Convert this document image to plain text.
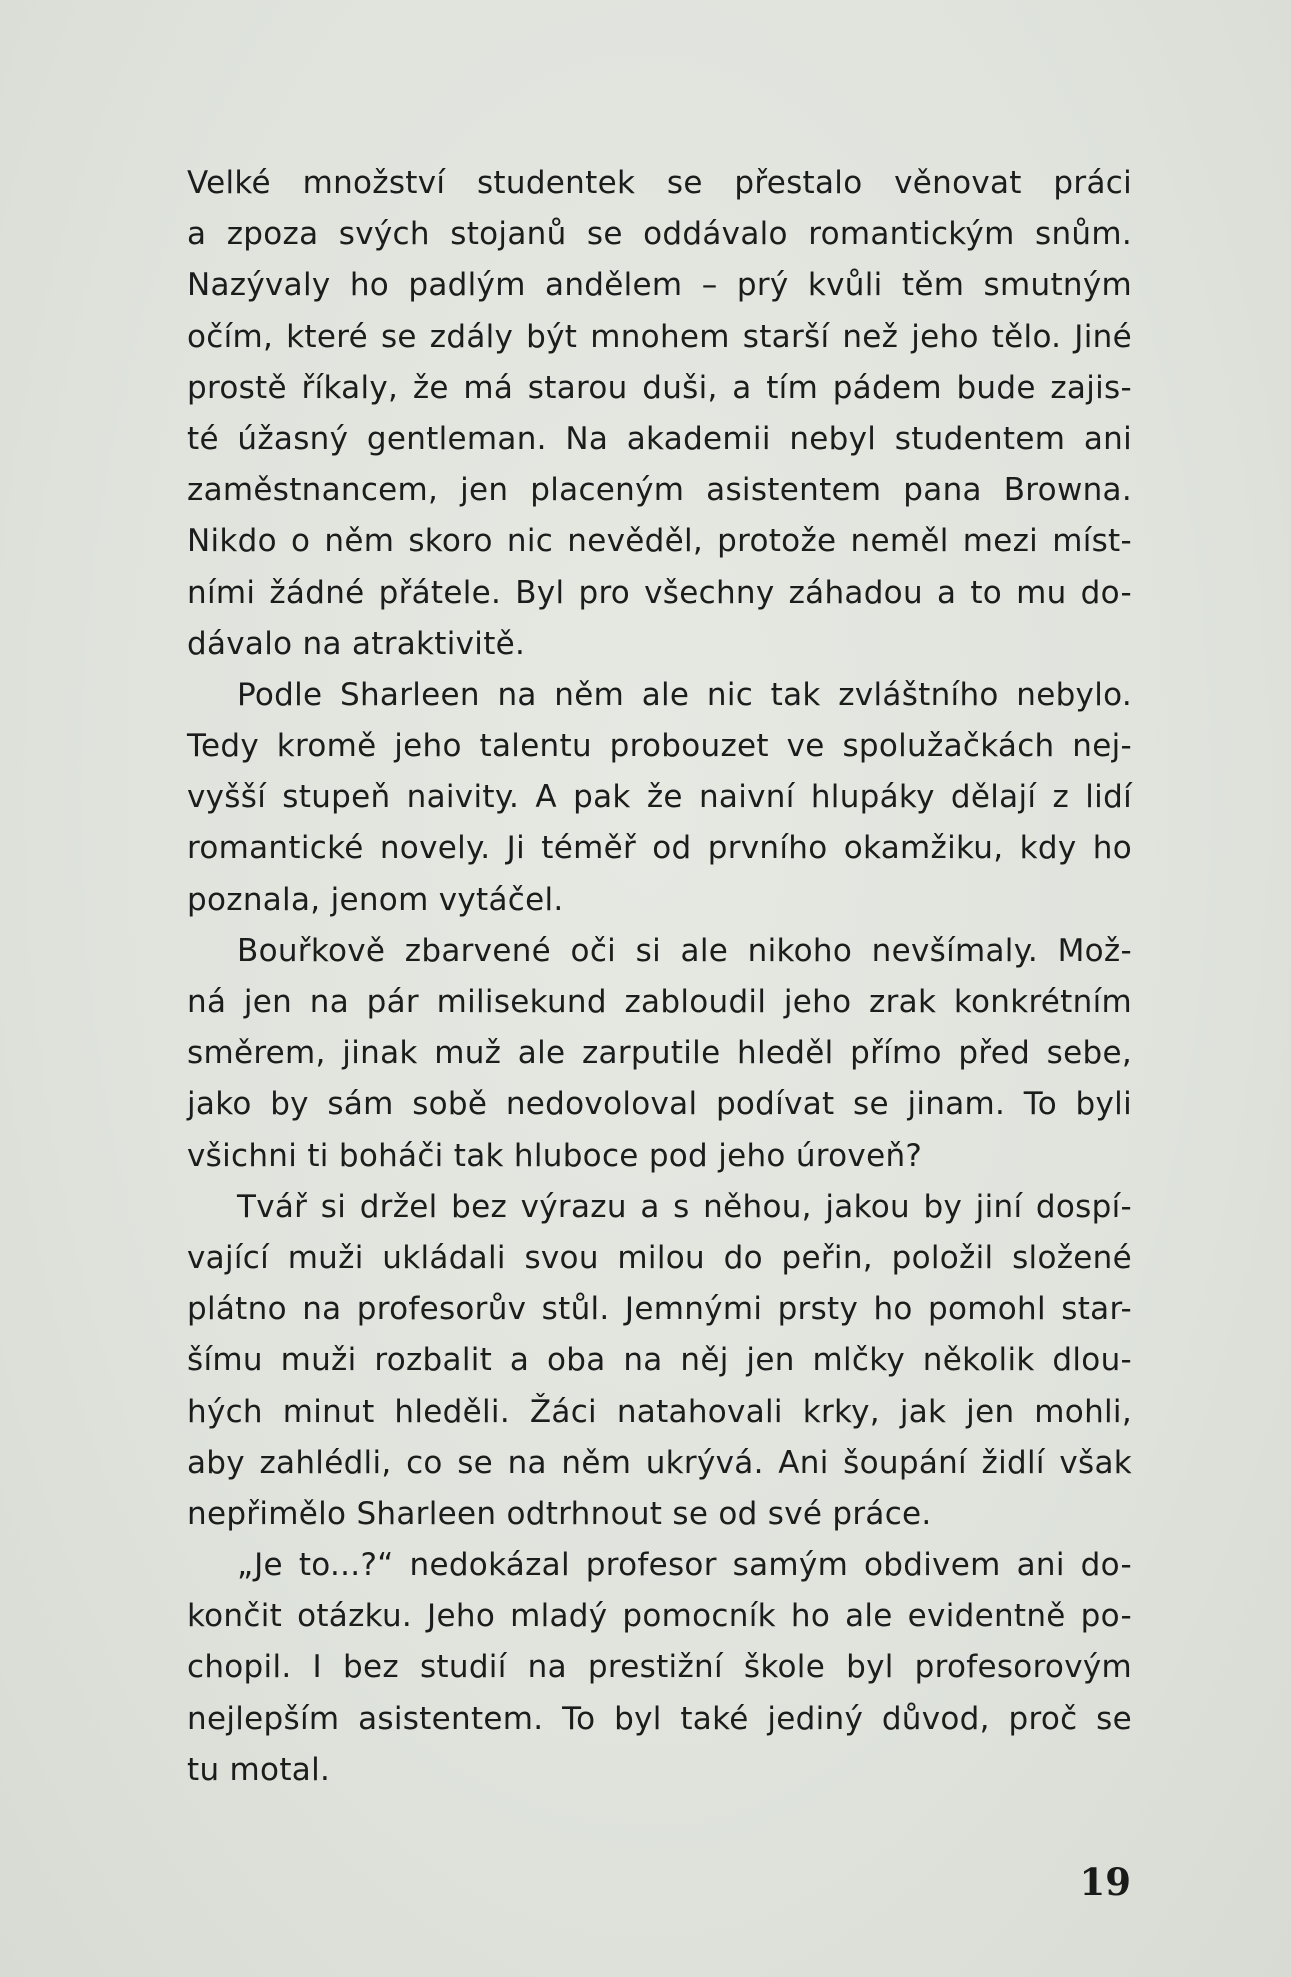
Velké množství studentek se přestalo věnovat práci
a zpoza svých stojanů se oddávalo romantickým snům.
Nazývaly ho padlým andělem – prý kvůli těm smutným
očím, které se zdály být mnohem starší než jeho tělo. Jiné
prostě říkaly, že má starou duši, a tím pádem bude zajis-
té úžasný gentleman. Na akademii nebyl studentem ani
zaměstnancem, jen placeným asistentem pana Browna.
Nikdo o něm skoro nic nevěděl, protože neměl mezi míst-
ními žádné přátele. Byl pro všechny záhadou a to mu do-
dávalo na atraktivitě.
Podle Sharleen na něm ale nic tak zvláštního nebylo.
Tedy kromě jeho talentu probouzet ve spolužačkách nej-
vyšší stupeň naivity. A pak že naivní hlupáky dělají z lidí
romantické novely. Ji téměř od prvního okamžiku, kdy ho
poznala, jenom vytáčel.
Bouřkově zbarvené oči si ale nikoho nevšímaly. Mož-
ná jen na pár milisekund zabloudil jeho zrak konkrétním
směrem, jinak muž ale zarputile hleděl přímo před sebe,
jako by sám sobě nedovoloval podívat se jinam. To byli
všichni ti boháči tak hluboce pod jeho úroveň?
Tvář si držel bez výrazu a s něhou, jakou by jiní dospí-
vající muži ukládali svou milou do peřin, položil složené
plátno na profesorův stůl. Jemnými prsty ho pomohl star-
šímu muži rozbalit a oba na něj jen mlčky několik dlou-
hých minut hleděli. Žáci natahovali krky, jak jen mohli,
aby zahlédli, co se na něm ukrývá. Ani šoupání židlí však
nepřimělo Sharleen odtrhnout se od své práce.
„Je to...?“ nedokázal profesor samým obdivem ani do-
končit otázku. Jeho mladý pomocník ho ale evidentně po-
chopil. I bez studií na prestižní škole byl profesorovým
nejlepším asistentem. To byl také jediný důvod, proč se
tu motal.
19
